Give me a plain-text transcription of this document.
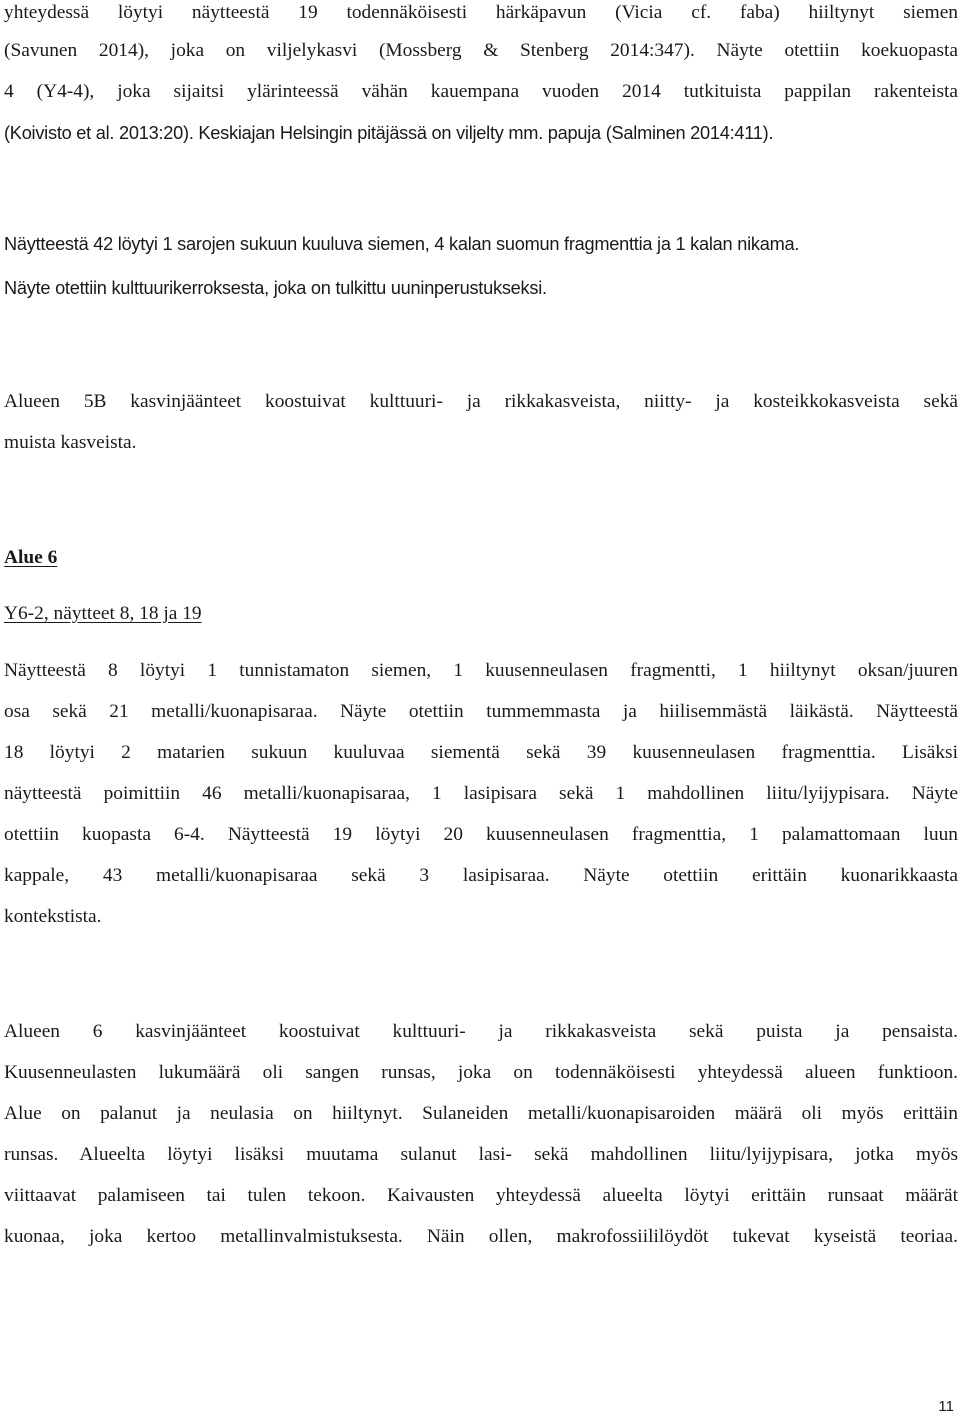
yhteydessä löytyi näytteestä 19 todennäköisesti härkäpavun (Vicia cf. faba) hiiltynyt siemen
(Savunen 2014), joka on viljelykasvi (Mossberg & Stenberg 2014:347). Näyte otettiin koekuopasta
4 (Y4-4), joka sijaitsi ylärinteessä vähän kauempana vuoden 2014 tutkituista pappilan rakenteista
(Koivisto et al. 2013:20). Keskiajan Helsingin pitäjässä on viljelty mm. papuja (Salminen 2014:411).
Näytteestä 42 löytyi 1 sarojen sukuun kuuluva siemen, 4 kalan suomun fragmenttia ja 1 kalan nikama.
Näyte otettiin kulttuurikerroksesta, joka on tulkittu uuninperustukseksi.
Alueen 5B kasvinjäänteet koostuivat kulttuuri- ja rikkakasveista, niitty- ja kosteikkokasveista sekä
muista kasveista.
Alue 6
Y6-2, näytteet 8, 18 ja 19
Näytteestä 8 löytyi 1 tunnistamaton siemen, 1 kuusenneulasen fragmentti, 1 hiiltynyt oksan/juuren
osa sekä 21 metalli/kuonapisaraa. Näyte otettiin tummemmasta ja hiilisemmästä läikästä. Näytteestä
18 löytyi 2 matarien sukuun kuuluvaa siementä sekä 39 kuusenneulasen fragmenttia. Lisäksi
näytteestä poimittiin 46 metalli/kuonapisaraa, 1 lasipisara sekä 1 mahdollinen liitu/lyijypisara. Näyte
otettiin kuopasta 6-4. Näytteestä 19 löytyi 20 kuusenneulasen fragmenttia, 1 palamattomaan luun
kappale, 43 metalli/kuonapisaraa sekä 3 lasipisaraa. Näyte otettiin erittäin kuonarikkaasta
kontekstista.
Alueen 6 kasvinjäänteet koostuivat kulttuuri- ja rikkakasveista sekä puista ja pensaista.
Kuusenneulasten lukumäärä oli sangen runsas, joka on todennäköisesti yhteydessä alueen funktioon.
Alue on palanut ja neulasia on hiiltynyt. Sulaneiden metalli/kuonapisaroiden määrä oli myös erittäin
runsas. Alueelta löytyi lisäksi muutama sulanut lasi- sekä mahdollinen liitu/lyijypisara, jotka myös
viittaavat palamiseen tai tulen tekoon. Kaivausten yhteydessä alueelta löytyi erittäin runsaat määrät
kuonaa, joka kertoo metallinvalmistuksesta. Näin ollen, makrofossiililöydöt tukevat kyseistä teoriaa.
11
